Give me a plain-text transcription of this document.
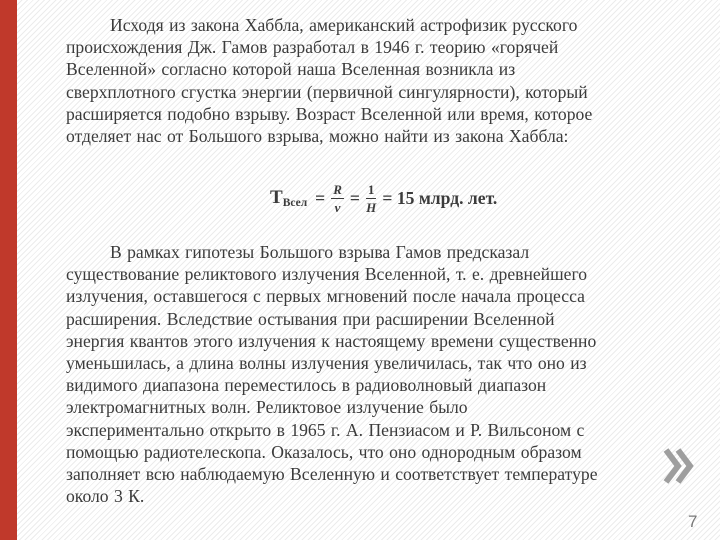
Исходя из закона Хаббла, американский астрофизик русского
происхождения Дж. Гамов разработал в 1946 г. теорию «горячей
Вселенной» согласно которой наша Вселенная возникла из
сверхплотного сгустка энергии (первичной сингулярности), который
расширяется подобно взрыву. Возраст Вселенной или время, которое
отделяет нас от Большого взрыва, можно найти из закона Хаббла:
T Всел = $\frac{R}{v} = \frac{1}{H} = 15$ млрд. лет.
В рамках гипотезы Большого взрыва Гамов предсказал
существование реликтового излучения Вселенной, т. е. древнейшего
излучения, оставшегося с первых мгновений после начала процесса
расширения. Вследствие остывания при расширении Вселенной
энергия квантов этого излучения к настоящему времени существенно
уменьшилась, а длина волны излучения увеличилась, так что оно из
видимого диапазона переместилось в радиоволновый диапазон
электромагнитных волн. Реликтовое излучение было
экспериментально открыто в 1965 г. А. Пензиасом и Р. Вильсоном с
помощью радиотелескопа. Оказалось, что оно однородным образом
заполняет всю наблюдаемую Вселенную и соответствует температуре
около 3 К.
7
